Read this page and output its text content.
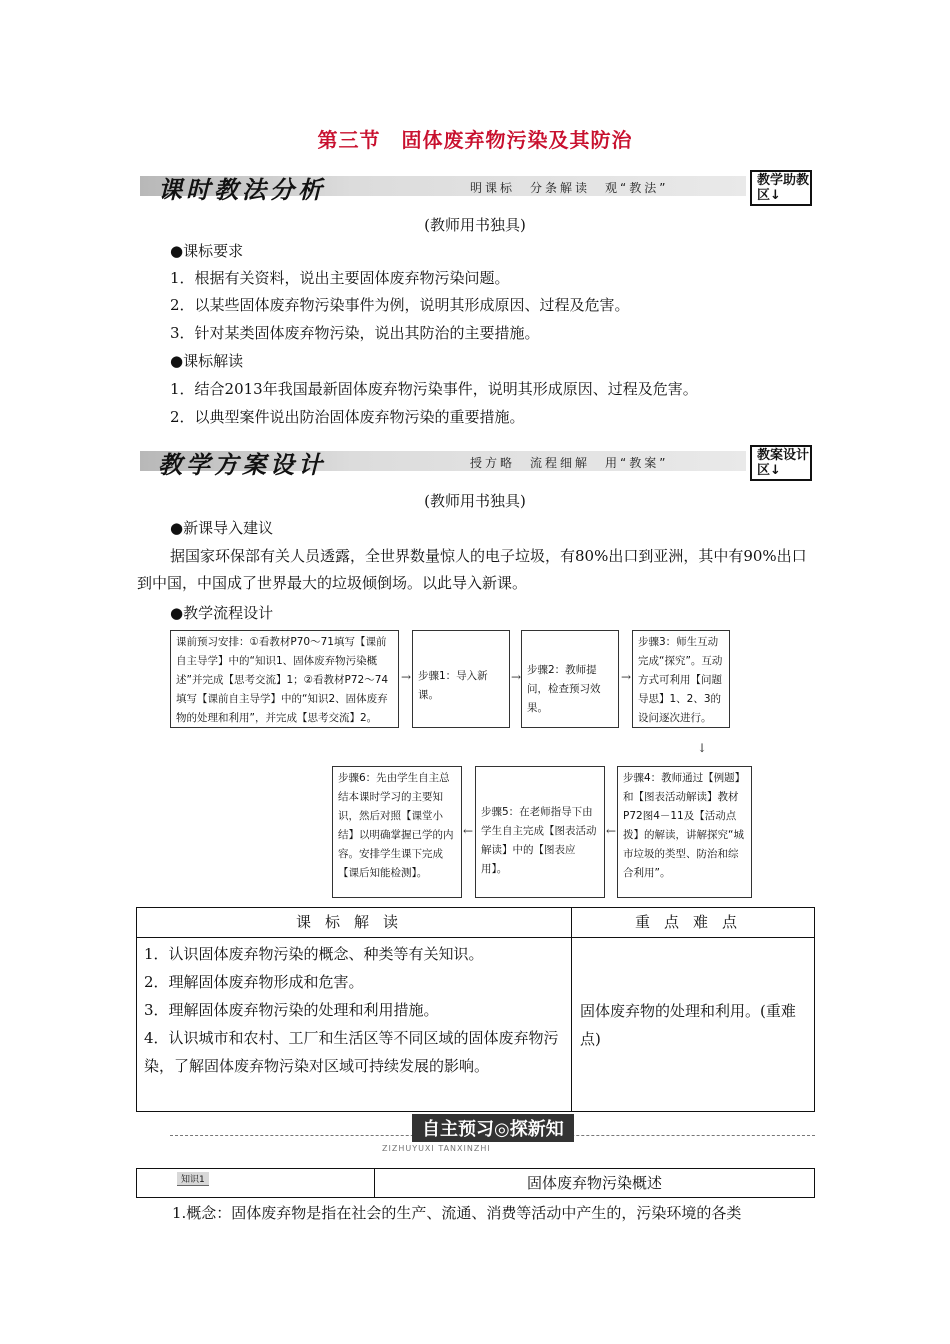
第三节　固体废弃物污染及其防治
课时教法分析	明课标　分条解读　观“教法”	教学助教区↓
(教师用书独具)
●课标要求
1．根据有关资料，说出主要固体废弃物污染问题。
2．以某些固体废弃物污染事件为例，说明其形成原因、过程及危害。
3．针对某类固体废弃物污染，说出其防治的主要措施。
●课标解读
1．结合2013年我国最新固体废弃物污染事件，说明其形成原因、过程及危害。
2．以典型案件说出防治固体废弃物污染的重要措施。
教学方案设计	授方略　流程细解　用“教案”	教案设计区↓
(教师用书独具)
●新课导入建议
据国家环保部有关人员透露，全世界数量惊人的电子垃圾，有80%出口到亚洲，其中有90%出口到中国，中国成了世界最大的垃圾倾倒场。以此导入新课。
●教学流程设计
课前预习安排：①看教材P70～71填写【课前自主导学】中的“知识1、固体废弃物污染概述”并完成【思考交流】1；②看教材P72～74填写【课前自主导学】中的“知识2、固体废弃物的处理和利用”，并完成【思考交流】2。
→ 步骤1：导入新课。
→ 步骤2：教师提问，检查预习效果。
→
步骤3：师生互动完成“探究”。互动方式可利用【问题导思】1、2、3的设问逐次进行。
↓
步骤4：教师通过【例题】和【图表活动解读】教材P72图4－11及【活动点拨】的解读，讲解探究“城市垃圾的类型、防治和综合利用”。
←
步骤5：在老师指导下由学生自主完成【图表活动解读】中的【图表应用】。
←
步骤6：先由学生自主总结本课时学习的主要知识，然后对照【课堂小结】以明确掌握已学的内容。安排学生课下完成【课后知能检测】。
课标解读	重点难点

1．认识固体废弃物污染的概念、种类等有关知识。
2．理解固体废弃物形成和危害。
3．理解固体废弃物污染的处理和利用措施。
4．认识城市和农村、工厂和生活区等不同区域的固体废弃物污染，了解固体废弃物污染对区域可持续发展的影响。	固体废弃物的处理和利用。(重难点)
自主预习◎探新知
ZIZHUYUXI TANXINZHI
知识1	固体废弃物污染概述
1.概念：固体废弃物是指在社会的生产、流通、消费等活动中产生的，污染环境的各类
